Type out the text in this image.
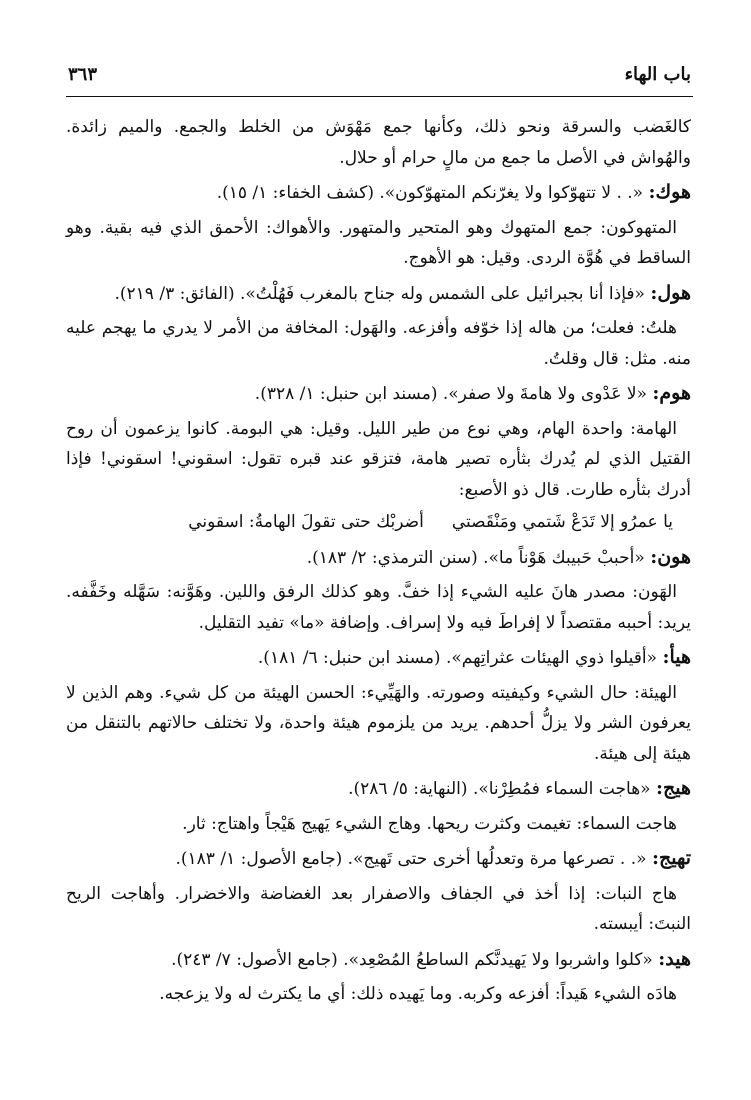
باب الهاء
٣٦٣

كالغَضب والسرقة ونحو ذلك، وكأنها جمع مَهْوَش من الخلط والجمع. والميم زائدة. والهُواش في الأصل ما جمع من مالٍ حرام أو حلال.

هوك: «. . لا تتهوّكوا ولا يغرّنكم المتهوّكون». (كشف الخفاء: ١/ ١٥).

المتهوكون: جمع المتهوك وهو المتحير والمتهور. والأهواك: الأحمق الذي فيه بقية. وهو الساقط في هُوَّة الردى. وقيل: هو الأهوج.

هول: «فإذا أنا بجبرائيل على الشمس وله جناح بالمغرب فَهُلْتُ». (الفائق: ٣/ ٢١٩).

هلتُ: فعلت؛ من هاله إذا خوّفه وأفزعه. والهَول: المخافة من الأمر لا يدري ما يهجم عليه منه. مثل: قال وقلتُ.

هوم: «لا عَدْوى ولا هامةَ ولا صفر». (مسند ابن حنبل: ١/ ٣٢٨).

الهامة: واحدة الهام، وهي نوع من طير الليل. وقيل: هي البومة. كانوا يزعمون أن روح القتيل الذي لم يُدرك بثأره تصير هامة، فتزقو عند قبره تقول: اسقوني! اسقوني! فإذا أدرك بثأره طارت. قال ذو الأصبع:

يا عمرُو إلا تَدَعْ شَتمي ومَنْقَصتي
أضربْك حتى تقولَ الهامةُ: اسقوني
هون: «أحببْ حَبيبك هَوْناً ما». (سنن الترمذي: ٢/ ١٨٣).

الهَون: مصدر هانَ عليه الشيء إذا خفَّ. وهو كذلك الرفق واللين. وهَوَّنه: سَهَّله وخَفَّفه. يريد: أحببه مقتصداً لا إفراطَ فيه ولا إسراف. وإضافة «ما» تفيد التقليل.

هيأ: «أقيلوا ذوي الهيئات عثراتِهم». (مسند ابن حنبل: ٦/ ١٨١).

الهيئة: حال الشيء وكيفيته وصورته. والهَيِّيء: الحسن الهيئة من كل شيء. وهم الذين لا يعرفون الشر ولا يزلُّ أحدهم. يريد من يلزموم هيئة واحدة، ولا تختلف حالاتهم بالتنقل من هيئة إلى هيئة.

هيج: «هاجت السماء فمُطِرْنا». (النهاية: ٥/ ٢٨٦).

هاجت السماء: تغيمت وكثرت ريحها. وهاج الشيء يَهيج هَيْجاً واهتاج: ثار.

تهيج: «. . تصرعها مرة وتعدلُها أخرى حتى تَهيج». (جامع الأصول: ١/ ١٨٣).

هاج النبات: إذا أخذ في الجفاف والاصفرار بعد الغضاضة والاخضرار. وأهاجت الريح النبتَ: أيبسته.

هيد: «كلوا واشربوا ولا يَهيدنَّكم الساطعُ المُصْعِد». (جامع الأصول: ٧/ ٢٤٣).

هادَه الشيء هَيداً: أفزعه وكربه. وما يَهيده ذلك: أي ما يكترث له ولا يزعجه.
